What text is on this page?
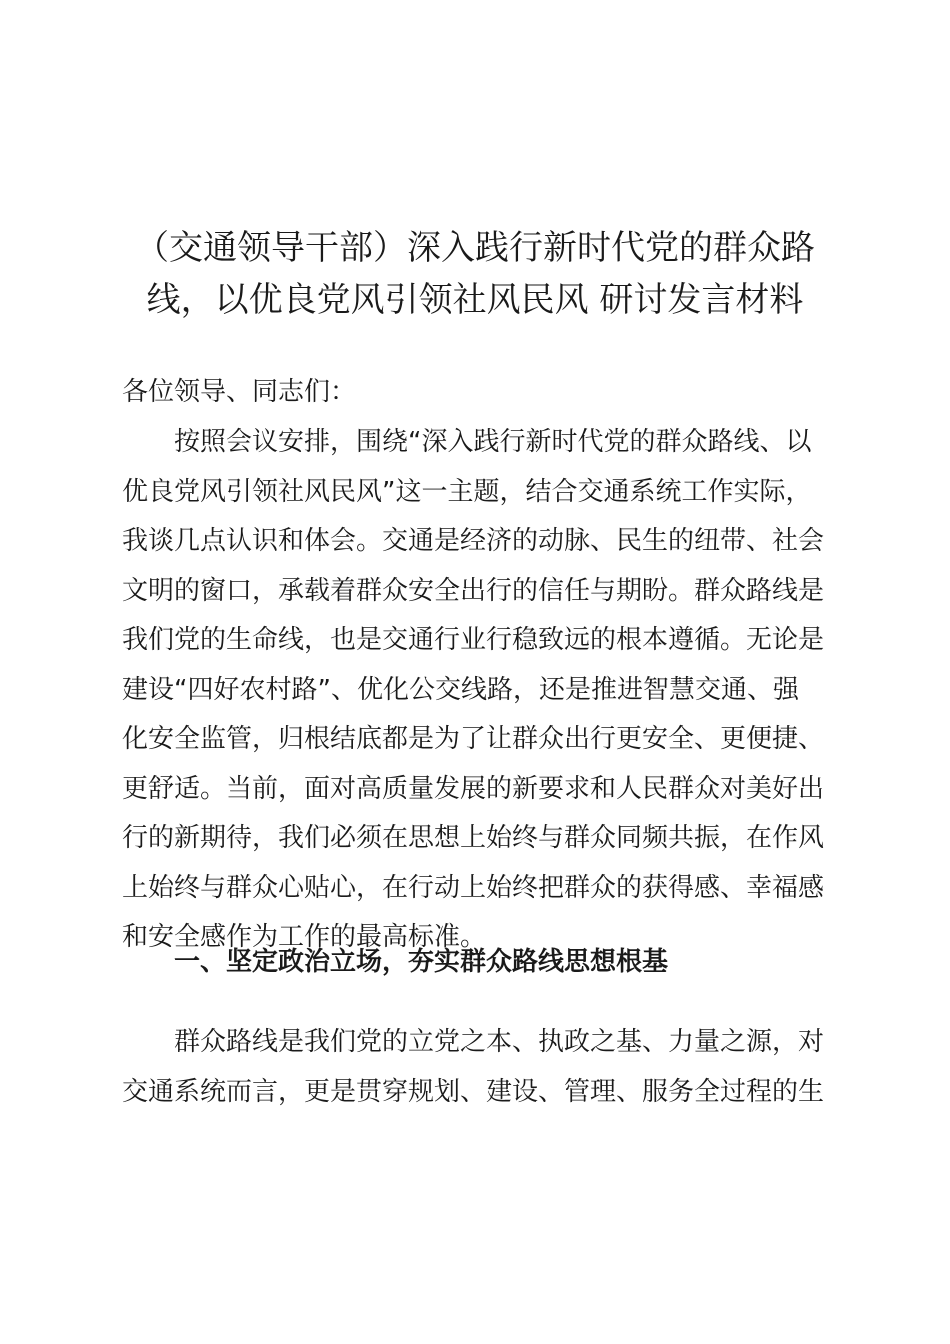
（交通领导干部）深入践行新时代党的群众路
线，以优良党风引领社风民风 研讨发言材料

各位领导、同志们：

　　按照会议安排，围绕“深入践行新时代党的群众路线、以
优良党风引领社风民风”这一主题，结合交通系统工作实际，
我谈几点认识和体会。交通是经济的动脉、民生的纽带、社会
文明的窗口，承载着群众安全出行的信任与期盼。群众路线是
我们党的生命线，也是交通行业行稳致远的根本遵循。无论是
建设“四好农村路”、优化公交线路，还是推进智慧交通、强
化安全监管，归根结底都是为了让群众出行更安全、更便捷、
更舒适。当前，面对高质量发展的新要求和人民群众对美好出
行的新期待，我们必须在思想上始终与群众同频共振，在作风
上始终与群众心贴心，在行动上始终把群众的获得感、幸福感
和安全感作为工作的最高标准。

　　一、坚定政治立场，夯实群众路线思想根基

　　群众路线是我们党的立党之本、执政之基、力量之源，对
交通系统而言，更是贯穿规划、建设、管理、服务全过程的生
